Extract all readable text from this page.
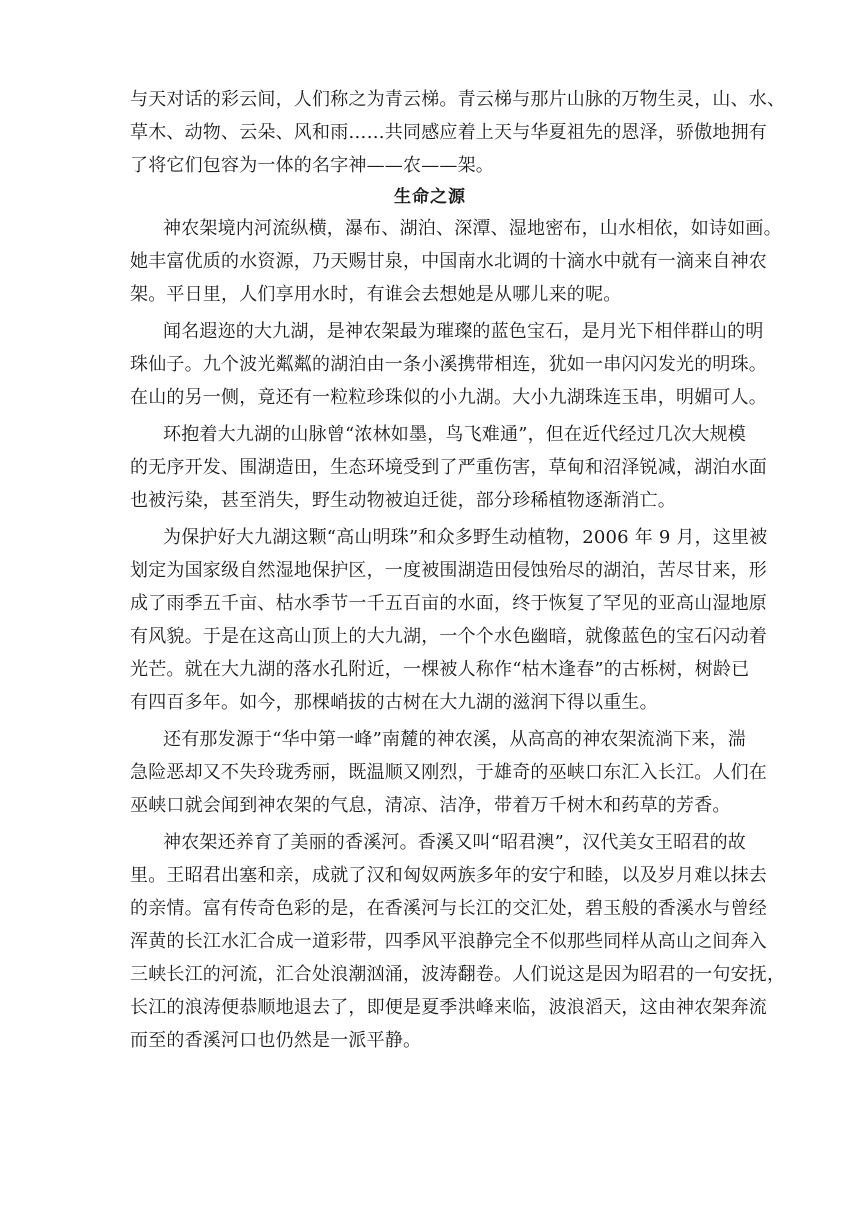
与天对话的彩云间，人们称之为青云梯。青云梯与那片山脉的万物生灵，山、水、
草木、动物、云朵、风和雨……共同感应着上天与华夏祖先的恩泽，骄傲地拥有
了将它们包容为一体的名字神——农——架。
生命之源
神农架境内河流纵横，瀑布、湖泊、深潭、湿地密布，山水相依，如诗如画。
她丰富优质的水资源，乃天赐甘泉，中国南水北调的十滴水中就有一滴来自神农
架。平日里，人们享用水时，有谁会去想她是从哪儿来的呢。
闻名遐迩的大九湖，是神农架最为璀璨的蓝色宝石，是月光下相伴群山的明
珠仙子。九个波光粼粼的湖泊由一条小溪携带相连，犹如一串闪闪发光的明珠。
在山的另一侧，竟还有一粒粒珍珠似的小九湖。大小九湖珠连玉串，明媚可人。
环抱着大九湖的山脉曾“浓林如墨，鸟飞难通”，但在近代经过几次大规模
的无序开发、围湖造田，生态环境受到了严重伤害，草甸和沼泽锐减，湖泊水面
也被污染，甚至消失，野生动物被迫迁徙，部分珍稀植物逐渐消亡。
为保护好大九湖这颗“高山明珠”和众多野生动植物，2006 年 9 月，这里被
划定为国家级自然湿地保护区，一度被围湖造田侵蚀殆尽的湖泊，苦尽甘来，形
成了雨季五千亩、枯水季节一千五百亩的水面，终于恢复了罕见的亚高山湿地原
有风貌。于是在这高山顶上的大九湖，一个个水色幽暗，就像蓝色的宝石闪动着
光芒。就在大九湖的落水孔附近，一棵被人称作“枯木逢春”的古栎树，树龄已
有四百多年。如今，那棵峭拔的古树在大九湖的滋润下得以重生。
还有那发源于“华中第一峰”南麓的神农溪，从高高的神农架流淌下来，湍
急险恶却又不失玲珑秀丽，既温顺又刚烈，于雄奇的巫峡口东汇入长江。人们在
巫峡口就会闻到神农架的气息，清凉、洁净，带着万千树木和药草的芳香。
神农架还养育了美丽的香溪河。香溪又叫“昭君澳”，汉代美女王昭君的故
里。王昭君出塞和亲，成就了汉和匈奴两族多年的安宁和睦，以及岁月难以抹去
的亲情。富有传奇色彩的是，在香溪河与长江的交汇处，碧玉般的香溪水与曾经
浑黄的长江水汇合成一道彩带，四季风平浪静完全不似那些同样从高山之间奔入
三峡长江的河流，汇合处浪潮汹涌，波涛翻卷。人们说这是因为昭君的一句安抚，
长江的浪涛便恭顺地退去了，即便是夏季洪峰来临，波浪滔天，这由神农架奔流
而至的香溪河口也仍然是一派平静。
